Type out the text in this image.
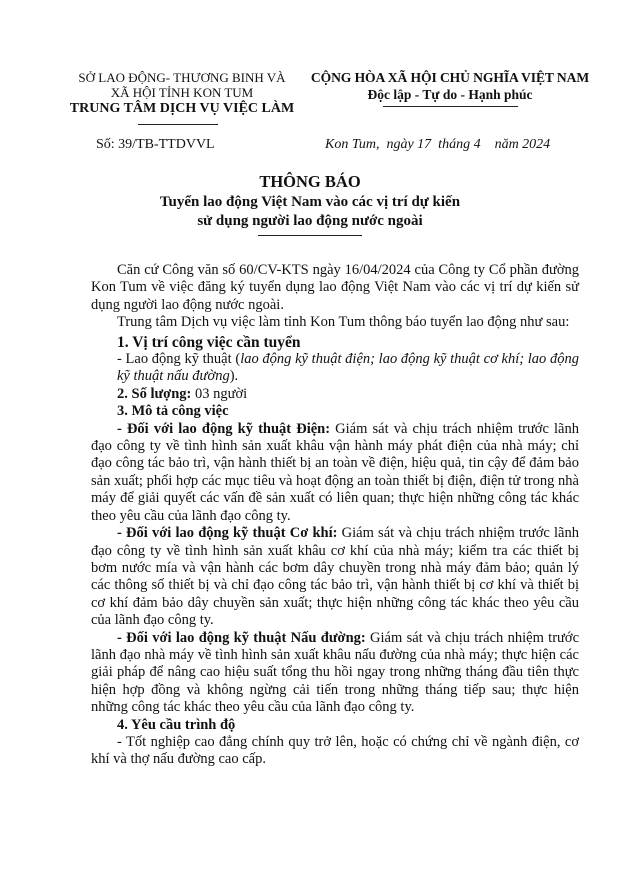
SỞ LAO ĐỘNG- THƯƠNG BINH VÀ
XÃ HỘI TỈNH KON TUM
TRUNG TÂM DỊCH VỤ VIỆC LÀM
CỘNG HÒA XÃ HỘI CHỦ NGHĨA VIỆT NAM
Độc lập - Tự do - Hạnh phúc
Số: 39/TB-TTDVVL	Kon Tum,  ngày 17  tháng 4    năm 2024
THÔNG BÁO
Tuyển lao động Việt Nam vào các vị trí dự kiến
sử dụng người lao động nước ngoài

Căn cứ Công văn số 60/CV-KTS ngày 16/04/2024 của Công ty Cổ phần đường Kon Tum về việc đăng ký tuyển dụng lao động Việt Nam vào các vị trí dự kiến sử dụng người lao động nước ngoài.

Trung tâm Dịch vụ việc làm tỉnh Kon Tum thông báo tuyển lao động như sau:

1. Vị trí công việc cần tuyển

- Lao động kỹ thuật (lao động kỹ thuật điện; lao động kỹ thuật cơ khí; lao động kỹ thuật nấu đường).

2. Số lượng: 03 người

3. Mô tả công việc

- Đối với lao động kỹ thuật Điện: Giám sát và chịu trách nhiệm trước lãnh đạo công ty về tình hình sản xuất khâu vận hành máy phát điện của nhà máy; chỉ đạo công tác bảo trì, vận hành thiết bị an toàn về điện, hiệu quả, tin cậy để đảm bảo sản xuất; phối hợp các mục tiêu và hoạt động an toàn thiết bị điện, điện tử trong nhà máy để giải quyết các vấn đề sản xuất có liên quan; thực hiện những công tác khác theo yêu cầu của lãnh đạo công ty.

- Đối với lao động kỹ thuật Cơ khí: Giám sát và chịu trách nhiệm trước lãnh đạo công ty về tình hình sản xuất khâu cơ khí của nhà máy; kiểm tra các thiết bị bơm nước mía và vận hành các bơm dây chuyền trong nhà máy đảm bảo; quản lý các thông số thiết bị và chỉ đạo công tác bảo trì, vận hành thiết bị cơ khí và thiết bị cơ khí đảm bảo dây chuyền sản xuất; thực hiện những công tác khác theo yêu cầu của lãnh đạo công ty.

- Đối với lao động kỹ thuật Nấu đường: Giám sát và chịu trách nhiệm trước lãnh đạo nhà máy về tình hình sản xuất khâu nấu đường của nhà máy; thực hiện các giải pháp để nâng cao hiệu suất tổng thu hồi ngay trong những tháng đầu tiên thực hiện hợp đồng và không ngừng cải tiến trong những tháng tiếp sau; thực hiện những công tác khác theo yêu cầu của lãnh đạo công ty.

4. Yêu cầu trình độ

- Tốt nghiệp cao đẳng chính quy trở lên, hoặc có chứng chỉ về ngành điện, cơ khí và thợ nấu đường cao cấp.
